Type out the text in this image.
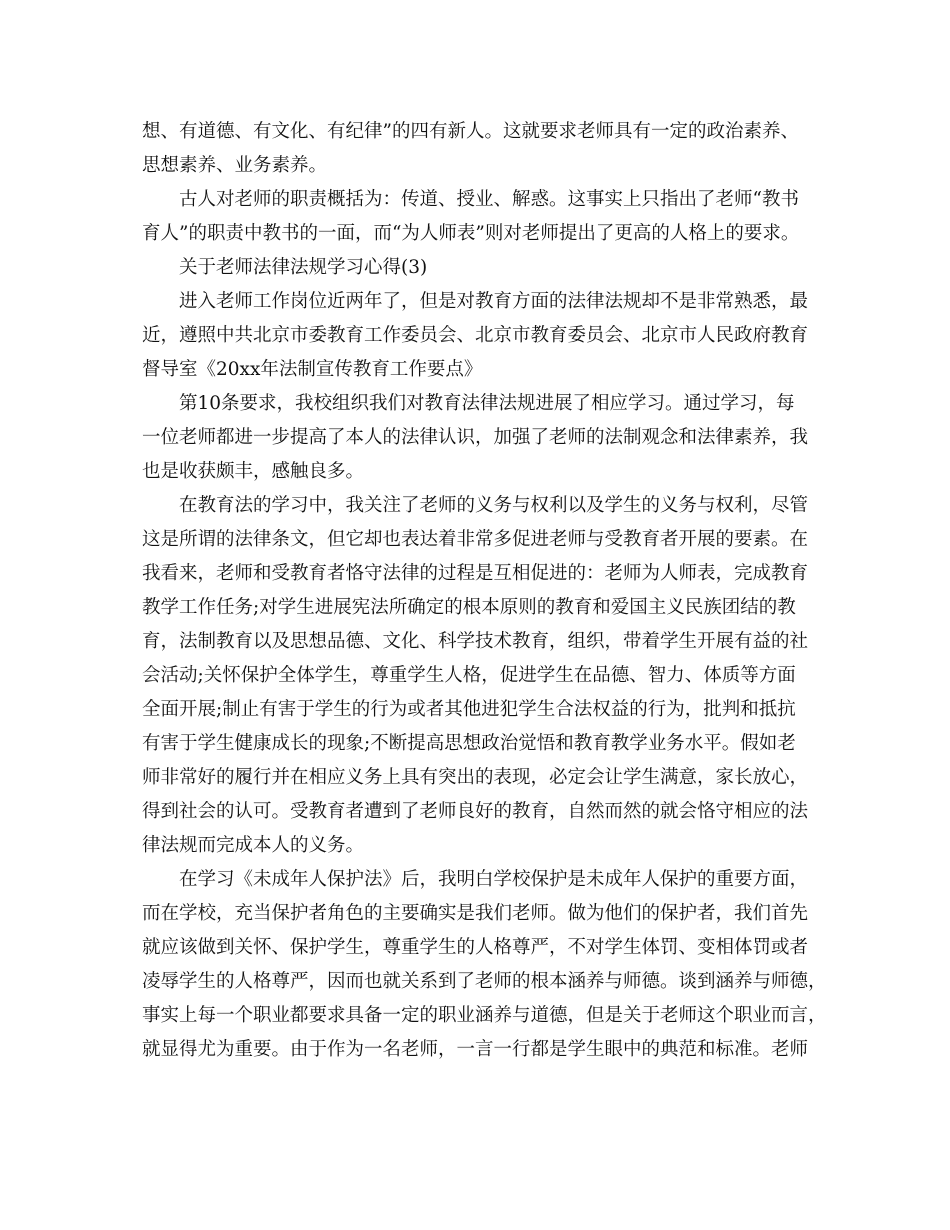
想、有道德、有文化、有纪律”的四有新人。这就要求老师具有一定的政治素养、
思想素养、业务素养。
古人对老师的职责概括为：传道、授业、解惑。这事实上只指出了老师“教书
育人”的职责中教书的一面，而“为人师表”则对老师提出了更高的人格上的要求。
关于老师法律法规学习心得(3)
进入老师工作岗位近两年了，但是对教育方面的法律法规却不是非常熟悉，最
近，遵照中共北京市委教育工作委员会、北京市教育委员会、北京市人民政府教育
督导室《20xx年法制宣传教育工作要点》
第10条要求，我校组织我们对教育法律法规进展了相应学习。通过学习，每
一位老师都进一步提高了本人的法律认识，加强了老师的法制观念和法律素养，我
也是收获颇丰，感触良多。
在教育法的学习中，我关注了老师的义务与权利以及学生的义务与权利，尽管
这是所谓的法律条文，但它却也表达着非常多促进老师与受教育者开展的要素。在
我看来，老师和受教育者恪守法律的过程是互相促进的：老师为人师表，完成教育
教学工作任务;对学生进展宪法所确定的根本原则的教育和爱国主义民族团结的教
育，法制教育以及思想品德、文化、科学技术教育，组织，带着学生开展有益的社
会活动;关怀保护全体学生，尊重学生人格，促进学生在品德、智力、体质等方面
全面开展;制止有害于学生的行为或者其他进犯学生合法权益的行为，批判和抵抗
有害于学生健康成长的现象;不断提高思想政治觉悟和教育教学业务水平。假如老
师非常好的履行并在相应义务上具有突出的表现，必定会让学生满意，家长放心，
得到社会的认可。受教育者遭到了老师良好的教育，自然而然的就会恪守相应的法
律法规而完成本人的义务。
在学习《未成年人保护法》后，我明白学校保护是未成年人保护的重要方面，
而在学校，充当保护者角色的主要确实是我们老师。做为他们的保护者，我们首先
就应该做到关怀、保护学生，尊重学生的人格尊严，不对学生体罚、变相体罚或者
凌辱学生的人格尊严，因而也就关系到了老师的根本涵养与师德。谈到涵养与师德，
事实上每一个职业都要求具备一定的职业涵养与道德，但是关于老师这个职业而言，
就显得尤为重要。由于作为一名老师，一言一行都是学生眼中的典范和标准。老师
